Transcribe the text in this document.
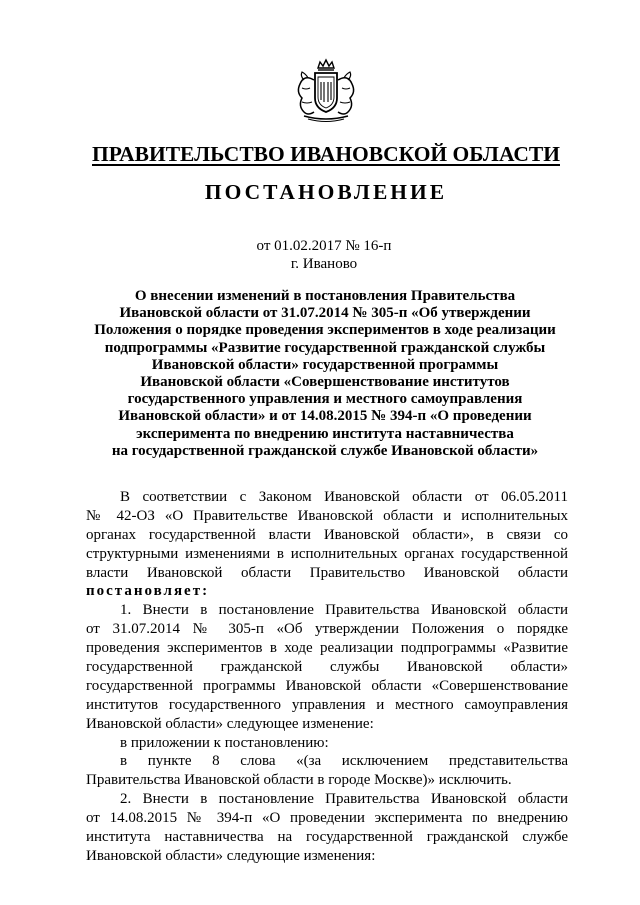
ПРАВИТЕЛЬСТВО ИВАНОВСКОЙ ОБЛАСТИ
ПОСТАНОВЛЕНИЕ
от 01.02.2017 № 16-п
г. Иваново
О внесении изменений в постановления Правительства
Ивановской области от 31.07.2014 № 305-п «Об утверждении
Положения о порядке проведения экспериментов в ходе реализации
подпрограммы «Развитие государственной гражданской службы
Ивановской области» государственной программы
Ивановской области «Совершенствование институтов
государственного управления и местного самоуправления
Ивановской области» и от 14.08.2015 № 394-п «О проведении
эксперимента по внедрению института наставничества
на государственной гражданской службе Ивановской области»
В соответствии с Законом Ивановской области от 06.05.2011
№ 42-ОЗ «О Правительстве Ивановской области и исполнительных
органах государственной власти Ивановской области», в связи со
структурными изменениями в исполнительных органах государственной
власти Ивановской области Правительство Ивановской области
постановляет:
1. Внести в постановление Правительства Ивановской области
от 31.07.2014 № 305-п «Об утверждении Положения о порядке
проведения экспериментов в ходе реализации подпрограммы «Развитие
государственной гражданской службы Ивановской области»
государственной программы Ивановской области «Совершенствование
институтов государственного управления и местного самоуправления
Ивановской области» следующее изменение:
в приложении к постановлению:
в пункте 8 слова «(за исключением представительства
Правительства Ивановской области в городе Москве)» исключить.
2. Внести в постановление Правительства Ивановской области
от 14.08.2015 № 394-п «О проведении эксперимента по внедрению
института наставничества на государственной гражданской службе
Ивановской области» следующие изменения:
